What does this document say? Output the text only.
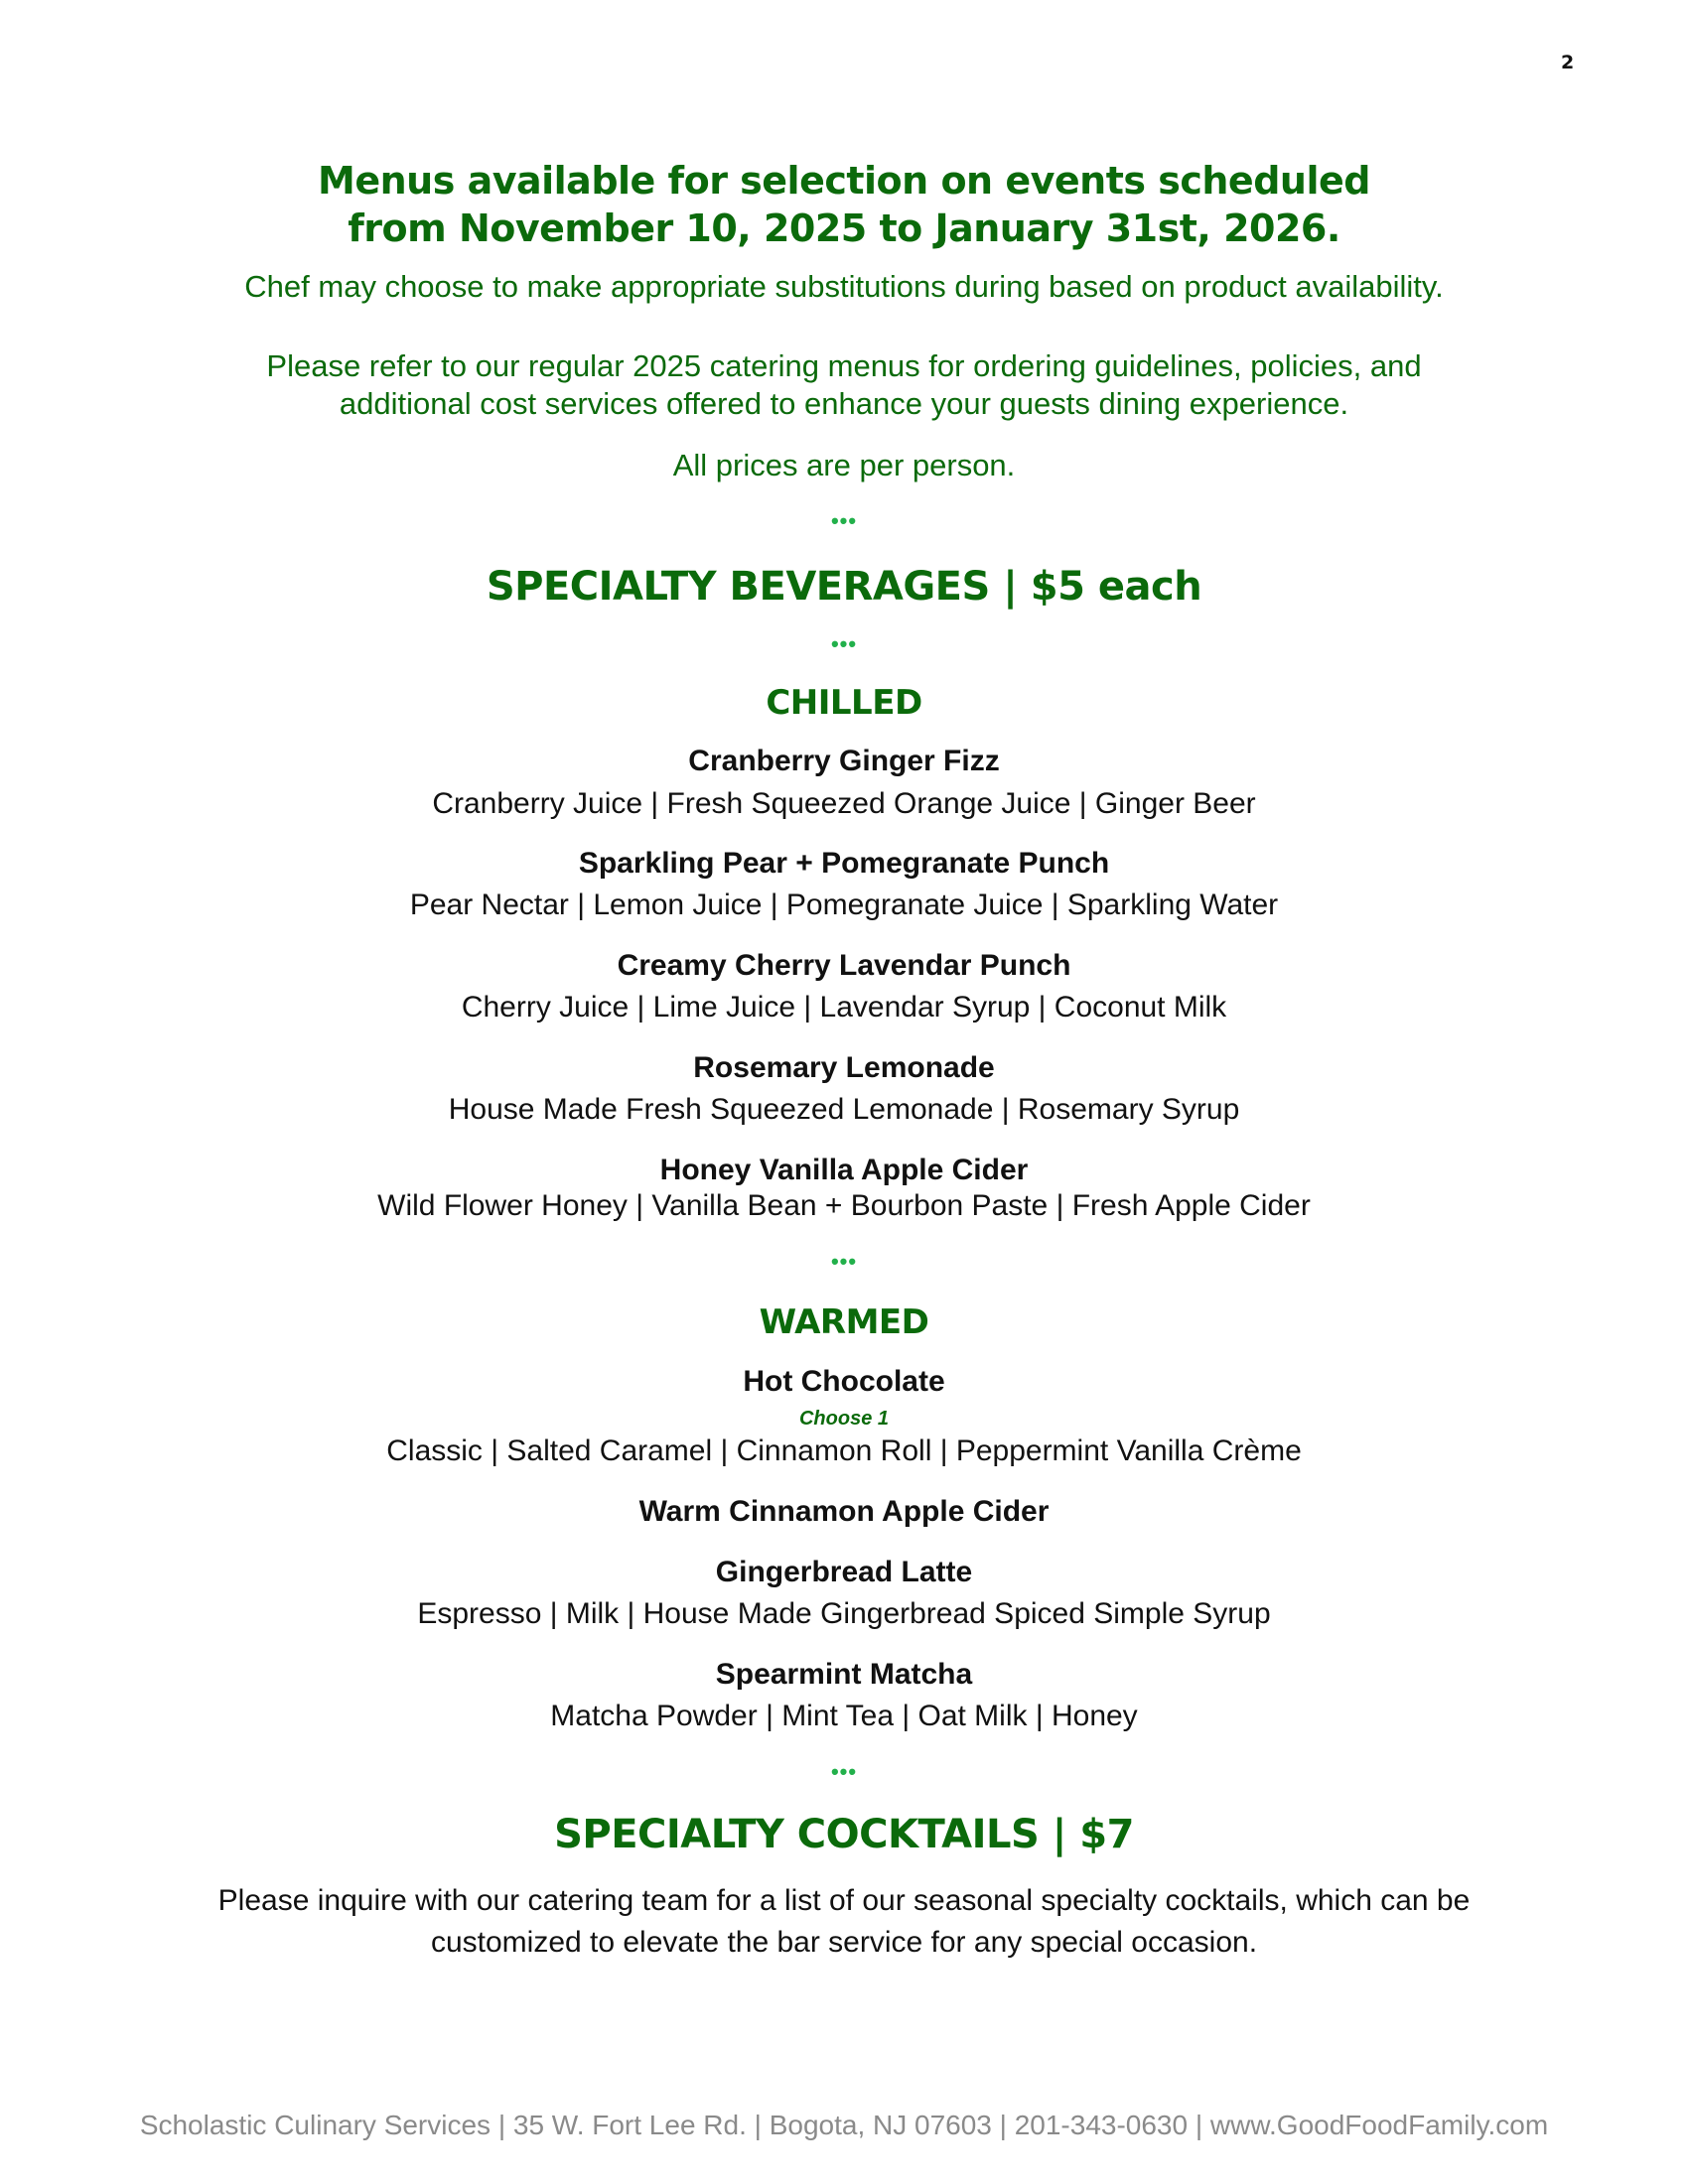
2
Menus available for selection on events scheduled
from November 10, 2025 to January 31st, 2026.
Chef may choose to make appropriate substitutions during based on product availability.
Please refer to our regular 2025 catering menus for ordering guidelines, policies, and
additional cost services offered to enhance your guests dining experience.
All prices are per person.
•••
SPECIALTY BEVERAGES | $5 each
•••
CHILLED
Cranberry Ginger Fizz
Cranberry Juice | Fresh Squeezed Orange Juice | Ginger Beer
Sparkling Pear + Pomegranate Punch
Pear Nectar | Lemon Juice | Pomegranate Juice | Sparkling Water
Creamy Cherry Lavendar Punch
Cherry Juice | Lime Juice | Lavendar Syrup | Coconut Milk
Rosemary Lemonade
House Made Fresh Squeezed Lemonade | Rosemary Syrup
Honey Vanilla Apple Cider
Wild Flower Honey | Vanilla Bean + Bourbon Paste | Fresh Apple Cider
•••
WARMED
Hot Chocolate
Choose 1
Classic | Salted Caramel | Cinnamon Roll | Peppermint Vanilla Crème
Warm Cinnamon Apple Cider
Gingerbread Latte
Espresso | Milk | House Made Gingerbread Spiced Simple Syrup
Spearmint Matcha
Matcha Powder | Mint Tea | Oat Milk | Honey
•••
SPECIALTY COCKTAILS | $7
Please inquire with our catering team for a list of our seasonal specialty cocktails, which can be
customized to elevate the bar service for any special occasion.
Scholastic Culinary Services | 35 W. Fort Lee Rd. | Bogota, NJ 07603 | 201-343-0630 | www.GoodFoodFamily.com
